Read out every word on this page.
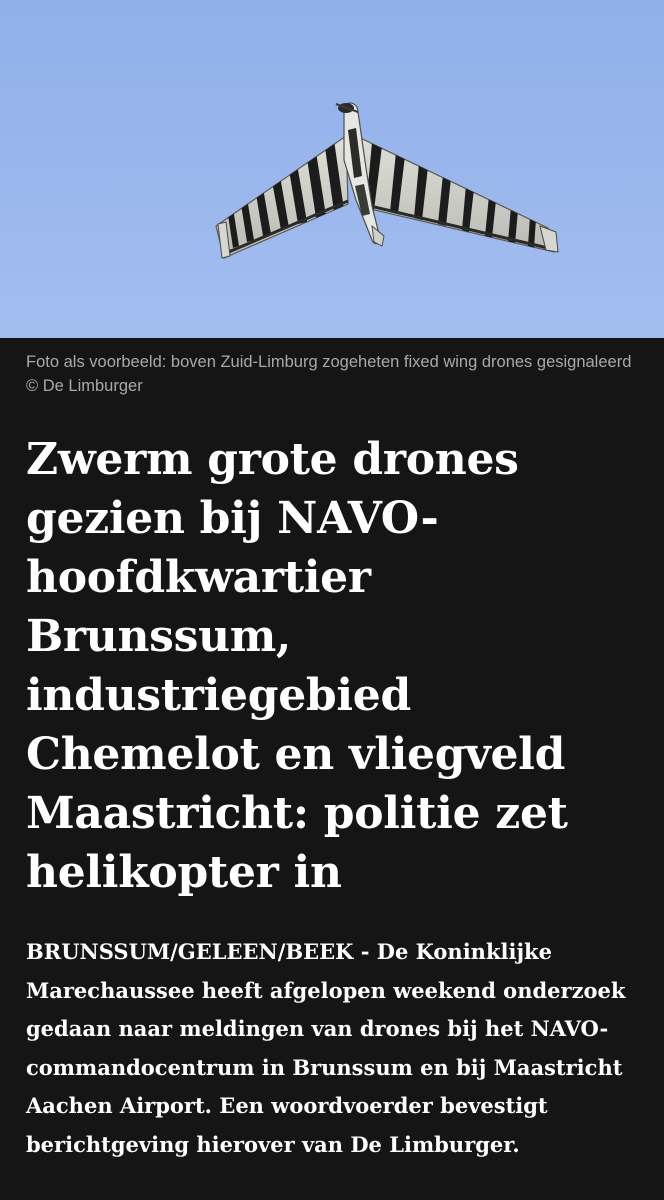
Foto als voorbeeld: boven Zuid-Limburg zogeheten fixed wing drones gesignaleerd © De Limburger
Zwerm grote drones gezien bij NAVO-hoofdkwartier Brunssum, industriegebied Chemelot en vliegveld Maastricht: politie zet helikopter in

BRUNSSUM/GELEEN/BEEK - De Koninklijke Marechaussee heeft afgelopen weekend onderzoek gedaan naar meldingen van drones bij het NAVO-commandocentrum in Brunssum en bij Maastricht Aachen Airport. Een woordvoerder bevestigt berichtgeving hierover van De Limburger.
